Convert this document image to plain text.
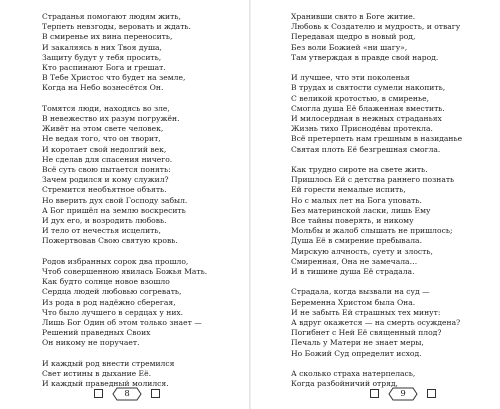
Страданья помогают людям жить,
Терпеть невзгоды, веровать и ждать.
В смиренье их вина переносить,
И закаляясь в них Твоя душа,
Защиту будут у тебя просить,
Кто распинают Бога и грешат.
В Тебе Христос что будет на земле,
Когда на Небо вознесётся Он.
Томятся люди, находясь во зле,
В невежество их разум погружён.
Живёт на этом свете человек,
Не ведая того, что он творит,
И коротает свой недолгий век,
Не сделав для спасения ничего.
Всё суть свою пытается понять:
Зачем родился и кому служил?
Стремится необъятное объять.
Но вверить дух свой Господу забыл.
А Бог пришёл на землю воскресить
И дух его, и возродить любовь.
И тело от нечестья исцелить,
Пожертвовав Свою святую кровь.
Родов избранных сорок два прошло,
Чтоб совершенною явилась Божья Мать.
Как будто солнце новое взошло
Сердца людей любовью согревать,
Из рода в род надёжно сберегая,
Что было лучшего в сердцах у них.
Лишь Бог Один об этом только знает —
Решений праведных Своих
Он никому не поручает.
И каждый род внести стремился
Свет истины в дыхание Её.
И каждый праведный молился.

8

Хранивши свято в Боге житие.
Любовь к Создателю и мудрость, и отвагу
Передавая щедро в новый род,
Без воли Божией «ни шагу»,
Там утверждая в правде свой народ.
И лучшее, что эти поколенья
В трудах и святости сумели накопить,
С великой кротостью, в смиренье,
Смогла душа Её блаженная вместить.
И милосердная в нежных страданьях
Жизнь тихо Присноде́вы протекла.
Всё претерпеть нам грешным в назиданье
Святая плоть Её безгрешная смогла.
Как трудно сироте на свете жить.
Пришлось Ей с детства раннего познать
Ей горести немалые испить,
Но с малых лет на Бога уповать.
Без материнской ласки, лишь Ему
Все тайны поверять, и никому
Мольбы и жалоб слышать не пришлось;
Душа Её в смирение пребывала.
Мирскую алчность, суету и злость,
Смиренная, Она не замечала…
И в тишине душа Её страдала.
Страдала, когда вызвали на суд —
Беременна Христом была Она.
И не забыть Ей страшных тех минут:
А вдруг окажется — на смерть осуждена?
Погибнет с Ней Её священный плод?
Печаль у Матери не знает меры,
Но Божий Суд определит исход.
А сколько страха натерпелась,
Когда разбойничий отряд,

9
